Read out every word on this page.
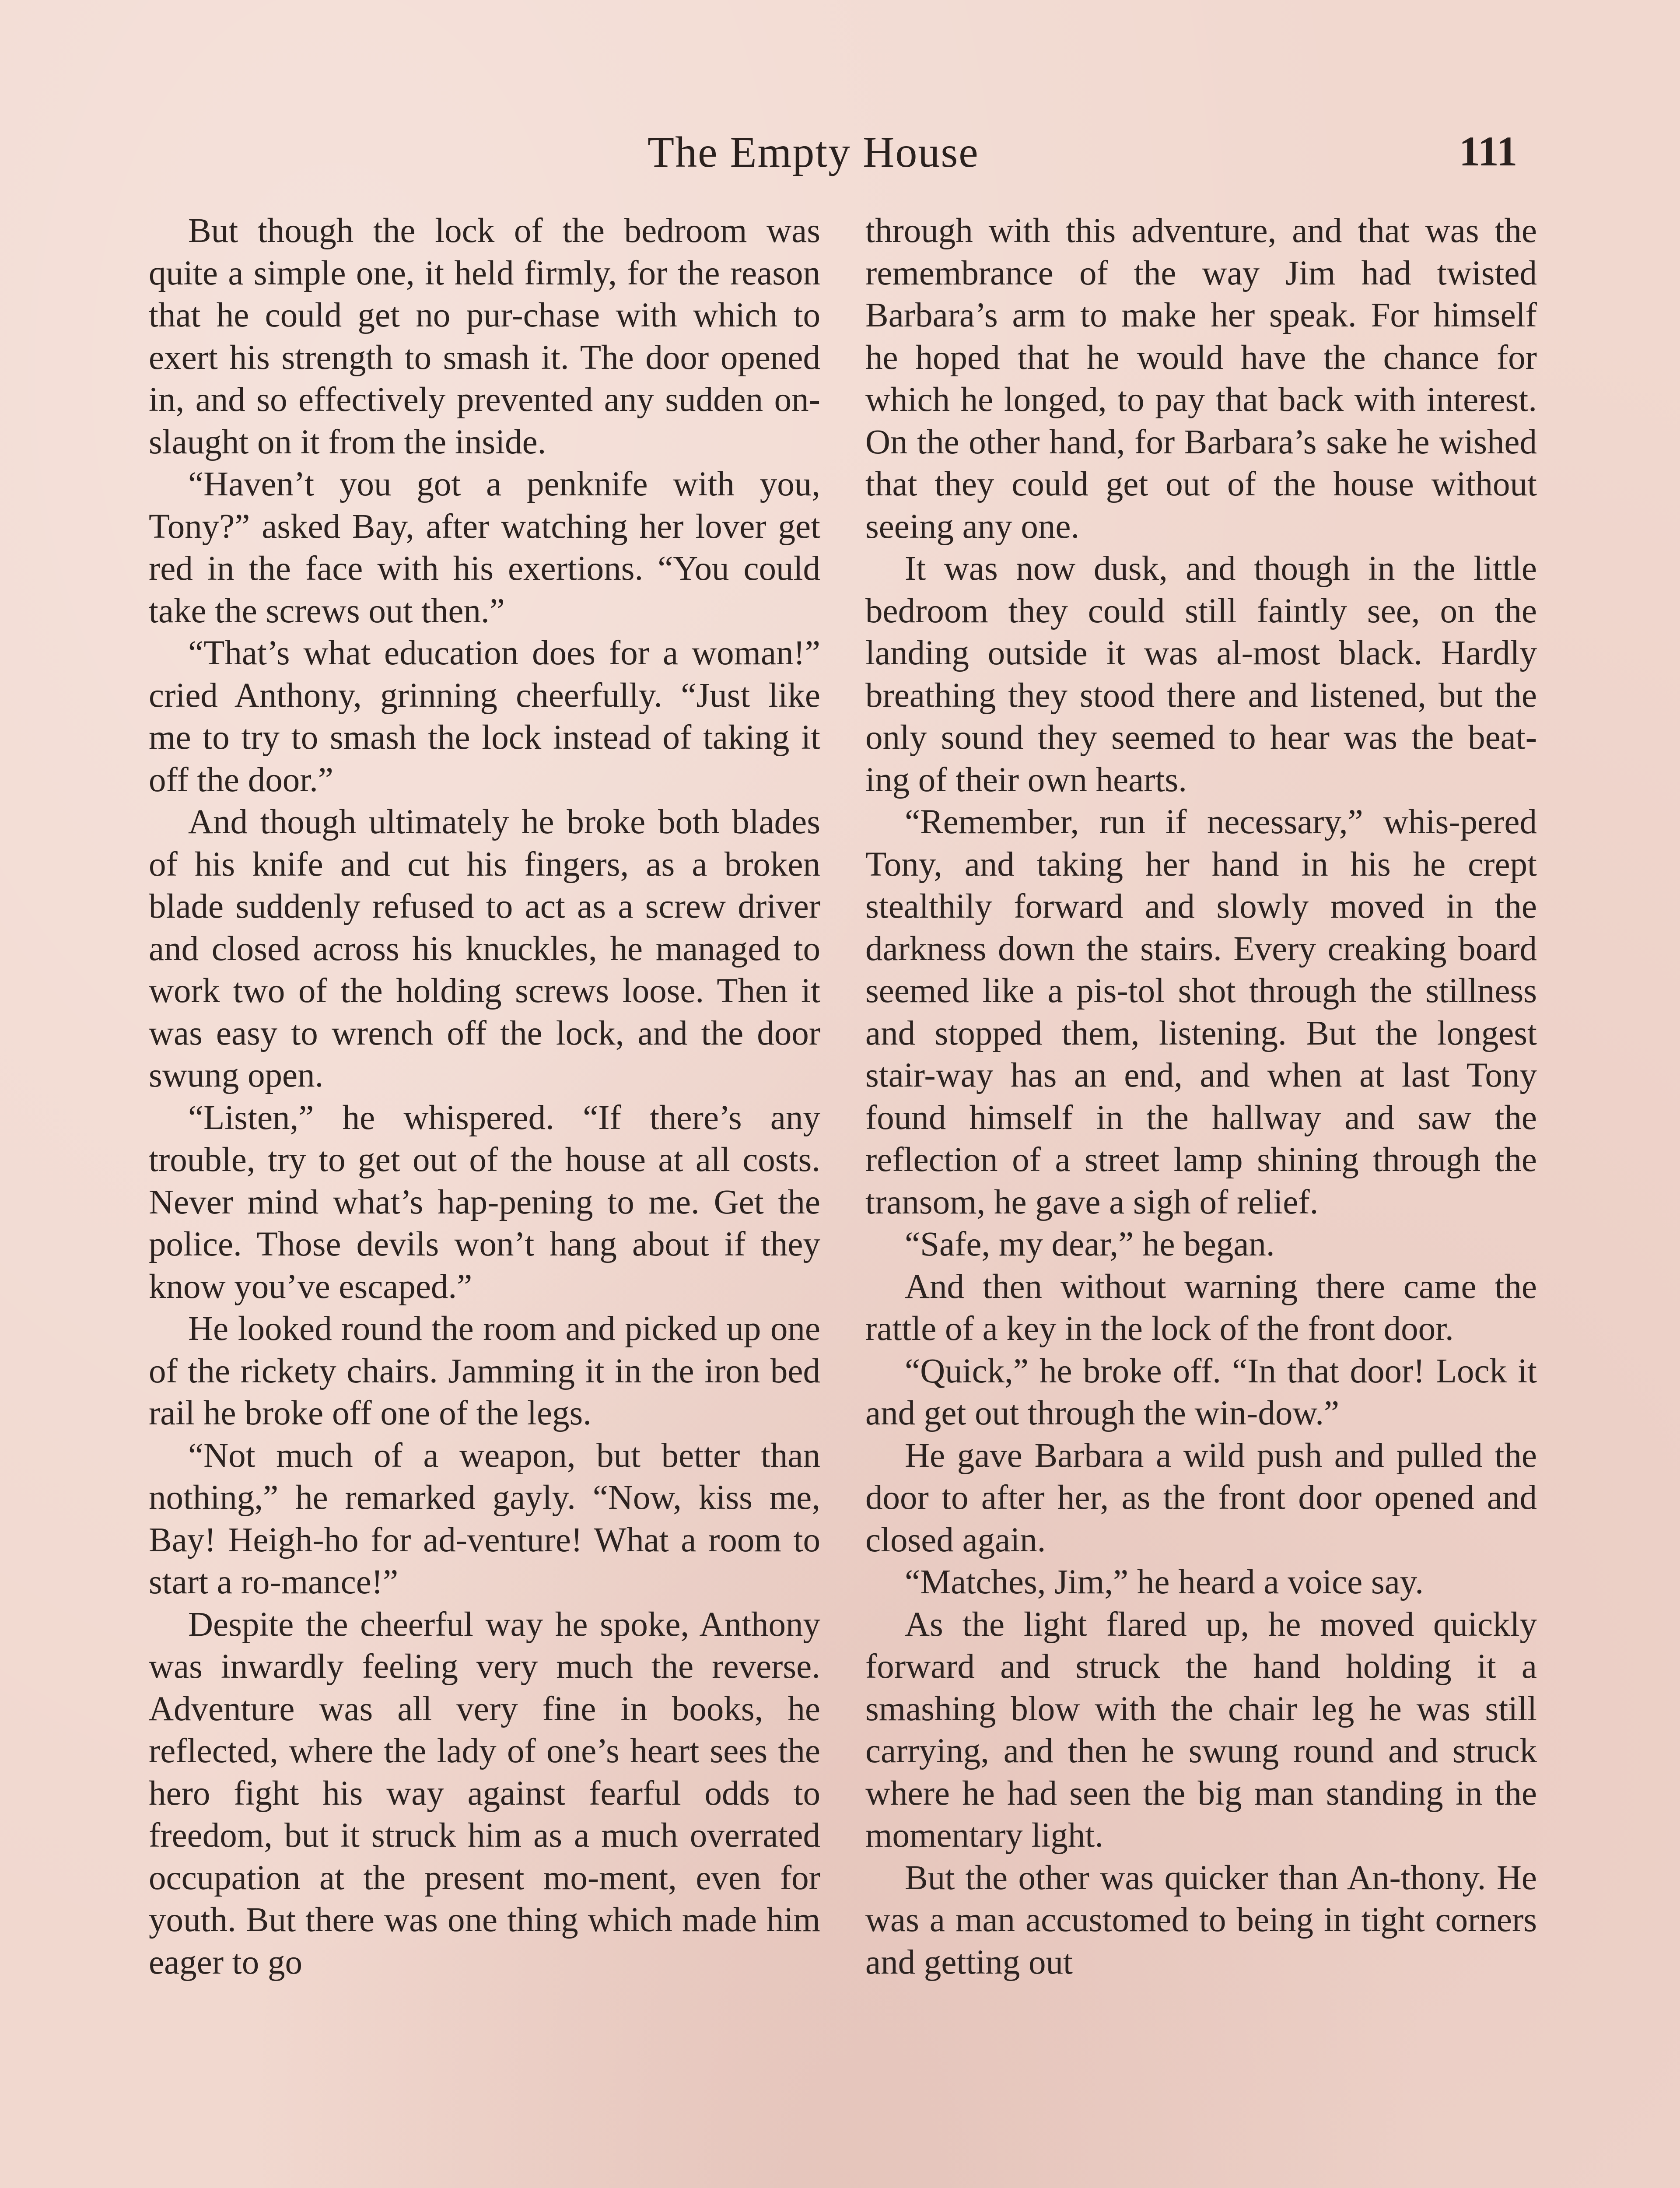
The Empty House	111

But though the lock of the bedroom was quite a simple one, it held firmly, for the reason that he could get no pur-chase with which to exert his strength to smash it. The door opened in, and so effectively prevented any sudden on-slaught on it from the inside.

“Haven’t you got a penknife with you, Tony?” asked Bay, after watching her lover get red in the face with his exertions. “You could take the screws out then.”

“That’s what education does for a woman!” cried Anthony, grinning cheerfully. “Just like me to try to smash the lock instead of taking it off the door.”

And though ultimately he broke both blades of his knife and cut his fingers, as a broken blade suddenly refused to act as a screw driver and closed across his knuckles, he managed to work two of the holding screws loose. Then it was easy to wrench off the lock, and the door swung open.

“Listen,” he whispered. “If there’s any trouble, try to get out of the house at all costs. Never mind what’s hap-pening to me. Get the police. Those devils won’t hang about if they know you’ve escaped.”

He looked round the room and picked up one of the rickety chairs. Jamming it in the iron bed rail he broke off one of the legs.

“Not much of a weapon, but better than nothing,” he remarked gayly. “Now, kiss me, Bay! Heigh-ho for ad-venture! What a room to start a ro-mance!”

Despite the cheerful way he spoke, Anthony was inwardly feeling very much the reverse. Adventure was all very fine in books, he reflected, where the lady of one’s heart sees the hero fight his way against fearful odds to freedom, but it struck him as a much overrated occupation at the present mo-ment, even for youth. But there was one thing which made him eager to go

through with this adventure, and that was the remembrance of the way Jim had twisted Barbara’s arm to make her speak. For himself he hoped that he would have the chance for which he longed, to pay that back with interest. On the other hand, for Barbara’s sake he wished that they could get out of the house without seeing any one.

It was now dusk, and though in the little bedroom they could still faintly see, on the landing outside it was al-most black. Hardly breathing they stood there and listened, but the only sound they seemed to hear was the beat-ing of their own hearts.

“Remember, run if necessary,” whis-pered Tony, and taking her hand in his he crept stealthily forward and slowly moved in the darkness down the stairs. Every creaking board seemed like a pis-tol shot through the stillness and stopped them, listening. But the longest stair-way has an end, and when at last Tony found himself in the hallway and saw the reflection of a street lamp shining through the transom, he gave a sigh of relief.

“Safe, my dear,” he began.

And then without warning there came the rattle of a key in the lock of the front door.

“Quick,” he broke off. “In that door! Lock it and get out through the win-dow.”

He gave Barbara a wild push and pulled the door to after her, as the front door opened and closed again.

“Matches, Jim,” he heard a voice say.

As the light flared up, he moved quickly forward and struck the hand holding it a smashing blow with the chair leg he was still carrying, and then he swung round and struck where he had seen the big man standing in the momentary light.

But the other was quicker than An-thony. He was a man accustomed to being in tight corners and getting out
